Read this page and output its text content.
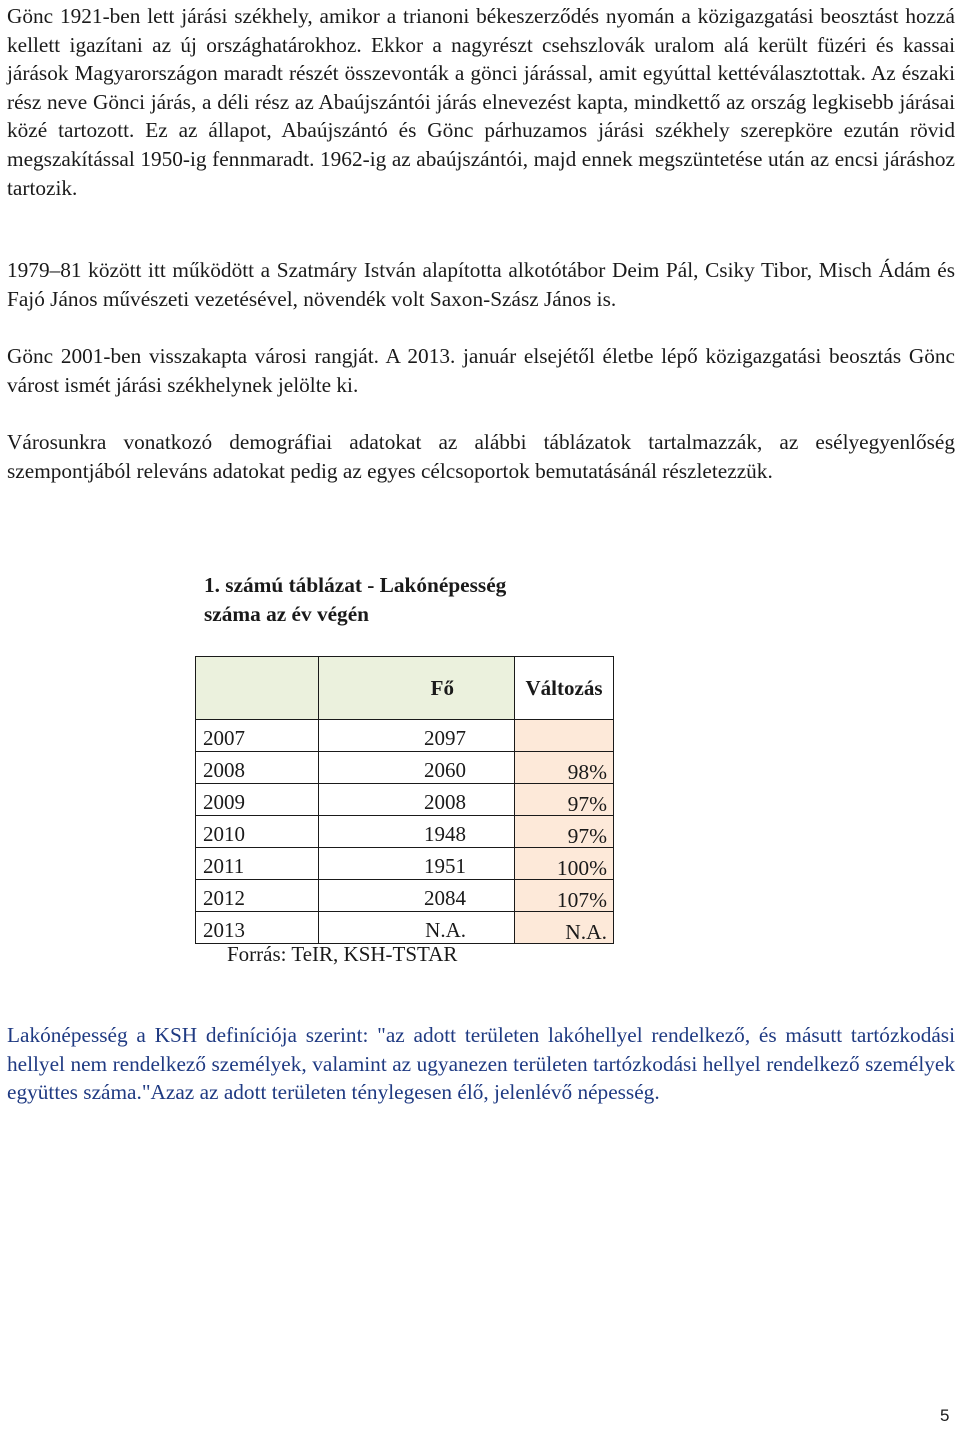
Gönc 1921-ben lett járási székhely, amikor a trianoni békeszerződés nyomán a közigazgatási beosztást hozzá kellett igazítani az új országhatárokhoz. Ekkor a nagyrészt csehszlovák uralom alá került füzéri és kassai járások Magyarországon maradt részét összevonták a gönci járással, amit egyúttal kettéválasztottak. Az északi rész neve Gönci járás, a déli rész az Abaújszántói járás elnevezést kapta, mindkettő az ország legkisebb járásai közé tartozott. Ez az állapot, Abaújszántó és Gönc párhuzamos járási székhely szerepköre ezután rövid megszakítással 1950-ig fennmaradt. 1962-ig az abaújszántói, majd ennek megszüntetése után az encsi járáshoz tartozik.

1979–81 között itt működött a Szatmáry István alapította alkotótábor Deim Pál, Csiky Tibor, Misch Ádám és Fajó János művészeti vezetésével, növendék volt Saxon-Szász János is.

Gönc 2001-ben visszakapta városi rangját. A 2013. január elsejétől életbe lépő közigazgatási beosztás Gönc várost ismét járási székhelynek jelölte ki.

Városunkra vonatkozó demográfiai adatokat az alábbi táblázatok tartalmazzák, az esélyegyenlőség szempontjából releváns adatokat pedig az egyes célcsoportok bemutatásánál részletezzük.

1. számú táblázat - Lakónépesség száma az év végén

	Fő	Változás
2007	2097	
2008	2060	98%
2009	2008	97%
2010	1948	97%
2011	1951	100%
2012	2084	107%
2013	N.A.	N.A.

Forrás: TeIR, KSH-TSTAR

Lakónépesség a KSH definíciója szerint: "az adott területen lakóhellyel rendelkező, és másutt tartózkodási hellyel nem rendelkező személyek, valamint az ugyanezen területen tartózkodási hellyel rendelkező személyek együttes száma."Azaz az adott területen ténylegesen élő, jelenlévő népesség.

5
